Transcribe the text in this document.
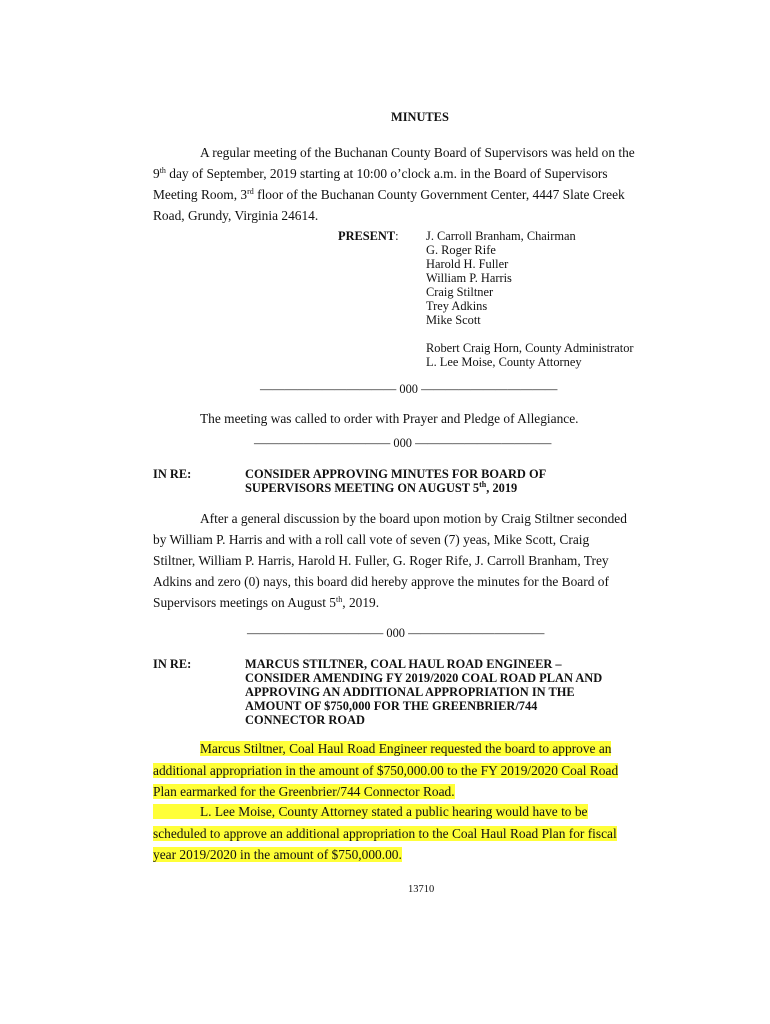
MINUTES
A regular meeting of the Buchanan County Board of Supervisors was held on the
9th day of September, 2019 starting at 10:00 o’clock a.m. in the Board of Supervisors
Meeting Room, 3rd floor of the Buchanan County Government Center, 4447 Slate Creek
Road, Grundy, Virginia 24614.
PRESENT: J. Carroll Branham, Chairman
G. Roger Rife
Harold H. Fuller
William P. Harris
Craig Stiltner
Trey Adkins
Mike Scott
Robert Craig Horn, County Administrator
L. Lee Moise, County Attorney
——————————— 000 ———————————
The meeting was called to order with Prayer and Pledge of Allegiance.
——————————— 000 ———————————
IN RE:	CONSIDER APPROVING MINUTES FOR BOARD OF
SUPERVISORS MEETING ON AUGUST 5th, 2019
After a general discussion by the board upon motion by Craig Stiltner seconded
by William P. Harris and with a roll call vote of seven (7) yeas, Mike Scott, Craig
Stiltner, William P. Harris, Harold H. Fuller, G. Roger Rife, J. Carroll Branham, Trey
Adkins and zero (0) nays, this board did hereby approve the minutes for the Board of
Supervisors meetings on August 5th, 2019.
——————————— 000 ———————————
IN RE:	MARCUS STILTNER, COAL HAUL ROAD ENGINEER –
CONSIDER AMENDING FY 2019/2020 COAL ROAD PLAN AND
APPROVING AN ADDITIONAL APPROPRIATION IN THE
AMOUNT OF $750,000 FOR THE GREENBRIER/744
CONNECTOR ROAD
Marcus Stiltner, Coal Haul Road Engineer requested the board to approve an
additional appropriation in the amount of $750,000.00 to the FY 2019/2020 Coal Road
Plan earmarked for the Greenbrier/744 Connector Road.
L. Lee Moise, County Attorney stated a public hearing would have to be
scheduled to approve an additional appropriation to the Coal Haul Road Plan for fiscal
year 2019/2020 in the amount of $750,000.00.
13710
